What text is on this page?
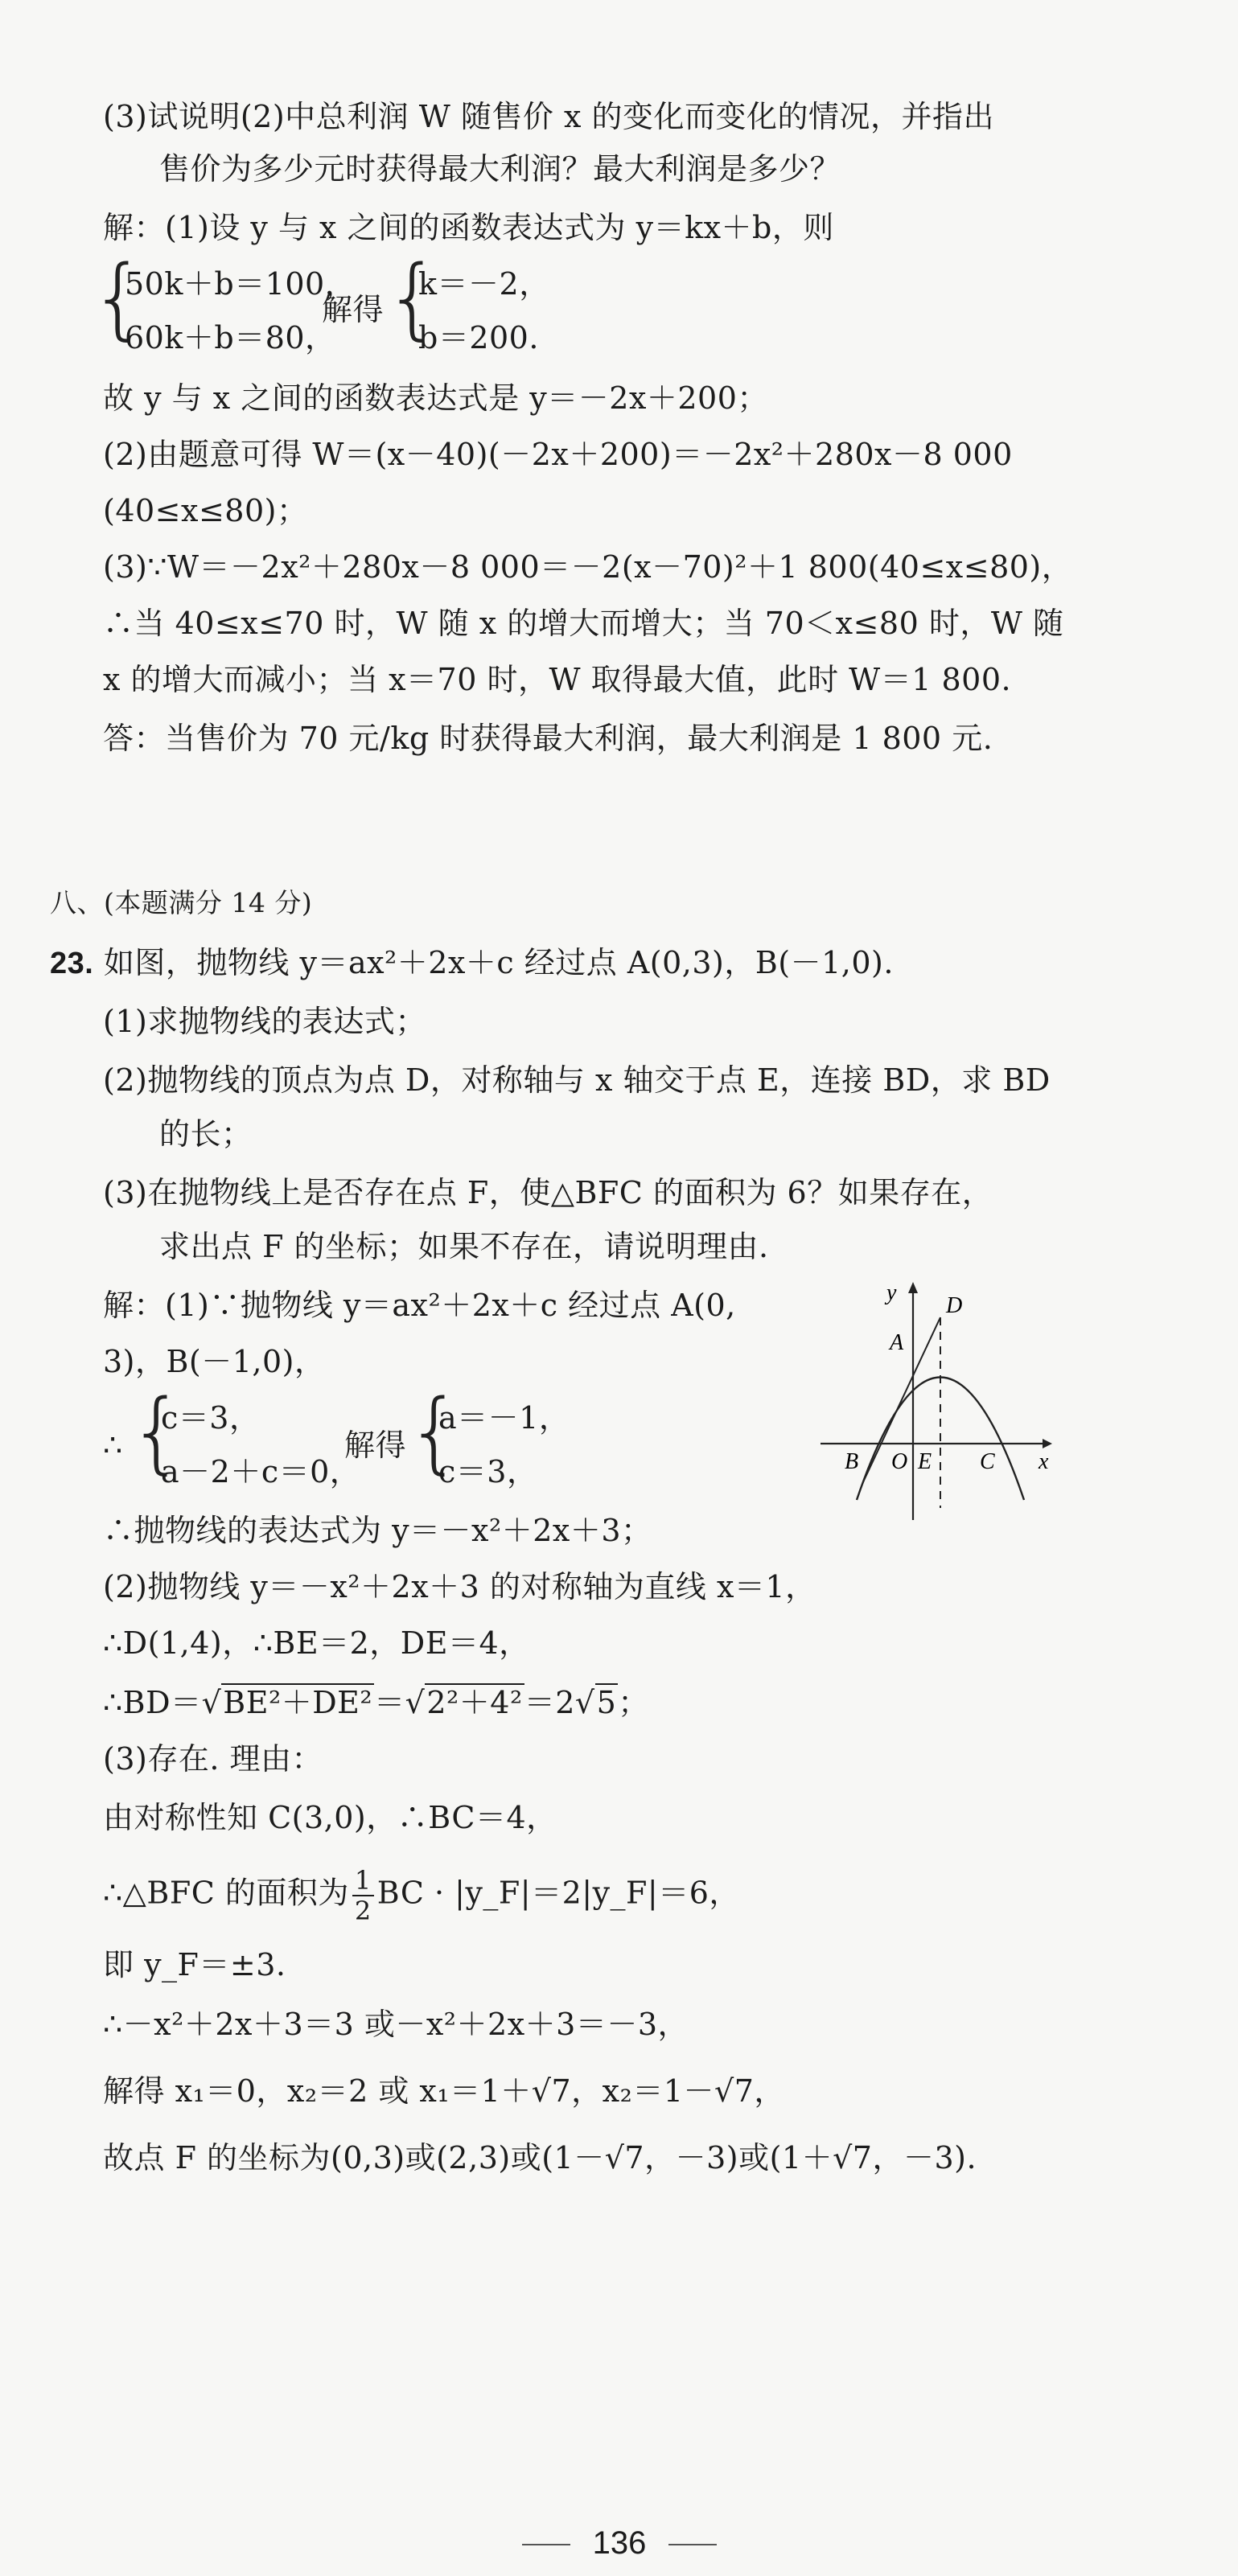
(3)试说明(2)中总利润 W 随售价 x 的变化而变化的情况，并指出
售价为多少元时获得最大利润？最大利润是多少？
解：(1)设 y 与 x 之间的函数表达式为 y＝kx＋b，则
{
50k＋b＝100，
60k＋b＝80，
解得 {
k＝－2，
b＝200.
故 y 与 x 之间的函数表达式是 y＝－2x＋200；
(2)由题意可得 W＝(x－40)(－2x＋200)＝－2x²＋280x－8 000
(40≤x≤80)；
(3)∵W＝－2x²＋280x－8 000＝－2(x－70)²＋1 800(40≤x≤80)，
∴当 40≤x≤70 时，W 随 x 的增大而增大；当 70＜x≤80 时，W 随
x 的增大而减小；当 x＝70 时，W 取得最大值，此时 W＝1 800.
答：当售价为 70 元/kg 时获得最大利润，最大利润是 1 800 元.
八、(本题满分 14 分)
23. 如图，抛物线 y＝ax²＋2x＋c 经过点 A(0,3)，B(－1,0).
(1)求抛物线的表达式；
(2)抛物线的顶点为点 D，对称轴与 x 轴交于点 E，连接 BD，求 BD
的长；
(3)在抛物线上是否存在点 F，使△BFC 的面积为 6？如果存在，
求出点 F 的坐标；如果不存在，请说明理由.
解：(1)∵抛物线 y＝ax²＋2x＋c 经过点 A(0,
3)，B(－1,0)，
∴ {
c＝3，
a－2＋c＝0，
解得 {
a＝－1，
c＝3，
∴抛物线的表达式为 y＝－x²＋2x＋3；
(2)抛物线 y＝－x²＋2x＋3 的对称轴为直线 x＝1，
∴D(1,4)，∴BE＝2，DE＝4，
∴BD＝√BE²＋DE²＝√2²＋4²＝2√5；
(3)存在. 理由：
由对称性知 C(3,0)，∴BC＝4，
∴△BFC 的面积为 $\frac{1}{2}$ BC · |y_F|＝2|y_F|＝6，
即 y_F＝±3.
∴－x²＋2x＋3＝3 或－x²＋2x＋3＝－3，
解得 x₁＝0，x₂＝2 或 x₁＝1＋√7，x₂＝1－√7，
故点 F 的坐标为(0,3)或(2,3)或(1－√7，－3)或(1＋√7，－3).
y
D
A
B O E C x
136
